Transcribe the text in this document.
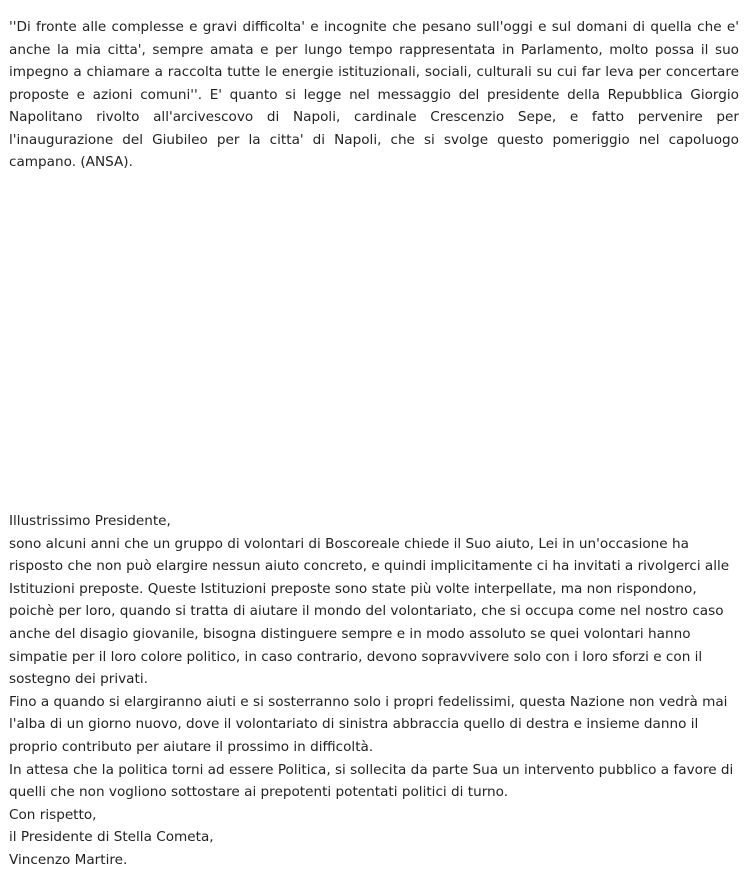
''Di fronte alle complesse e gravi difficolta' e incognite che pesano sull'oggi e sul domani di quella che e' anche la mia citta', sempre amata e per lungo tempo rappresentata in Parlamento, molto possa il suo impegno a chiamare a raccolta tutte le energie istituzionali, sociali, culturali su cui far leva per concertare proposte e azioni comuni''. E' quanto si legge nel messaggio del presidente della Repubblica Giorgio Napolitano rivolto all'arcivescovo di Napoli, cardinale Crescenzio Sepe, e fatto pervenire per l'inaugurazione del Giubileo per la citta' di Napoli, che si svolge questo pomeriggio nel capoluogo campano. (ANSA).

Illustrissimo Presidente,

sono alcuni anni che un gruppo di volontari di Boscoreale chiede il Suo aiuto, Lei in un'occasione ha risposto che non può elargire nessun aiuto concreto, e quindi implicitamente ci ha invitati a rivolgerci alle Istituzioni preposte. Queste Istituzioni preposte sono state più volte interpellate, ma non rispondono, poichè per loro, quando si tratta di aiutare il mondo del volontariato, che si occupa come nel nostro caso anche del disagio giovanile, bisogna distinguere sempre e in modo assoluto se quei volontari hanno simpatie per il loro colore politico, in caso contrario, devono sopravvivere solo con i loro sforzi e con il sostegno dei privati.

Fino a quando si elargiranno aiuti e si sosterranno solo i propri fedelissimi, questa Nazione non vedrà mai l'alba di un giorno nuovo, dove il volontariato di sinistra abbraccia quello di destra e insieme danno il proprio contributo per aiutare il prossimo in difficoltà.

In attesa che la politica torni ad essere Politica, si sollecita da parte Sua un intervento pubblico a favore di quelli che non vogliono sottostare ai prepotenti potentati politici di turno.

Con rispetto,

il Presidente di Stella Cometa,

Vincenzo Martire.
